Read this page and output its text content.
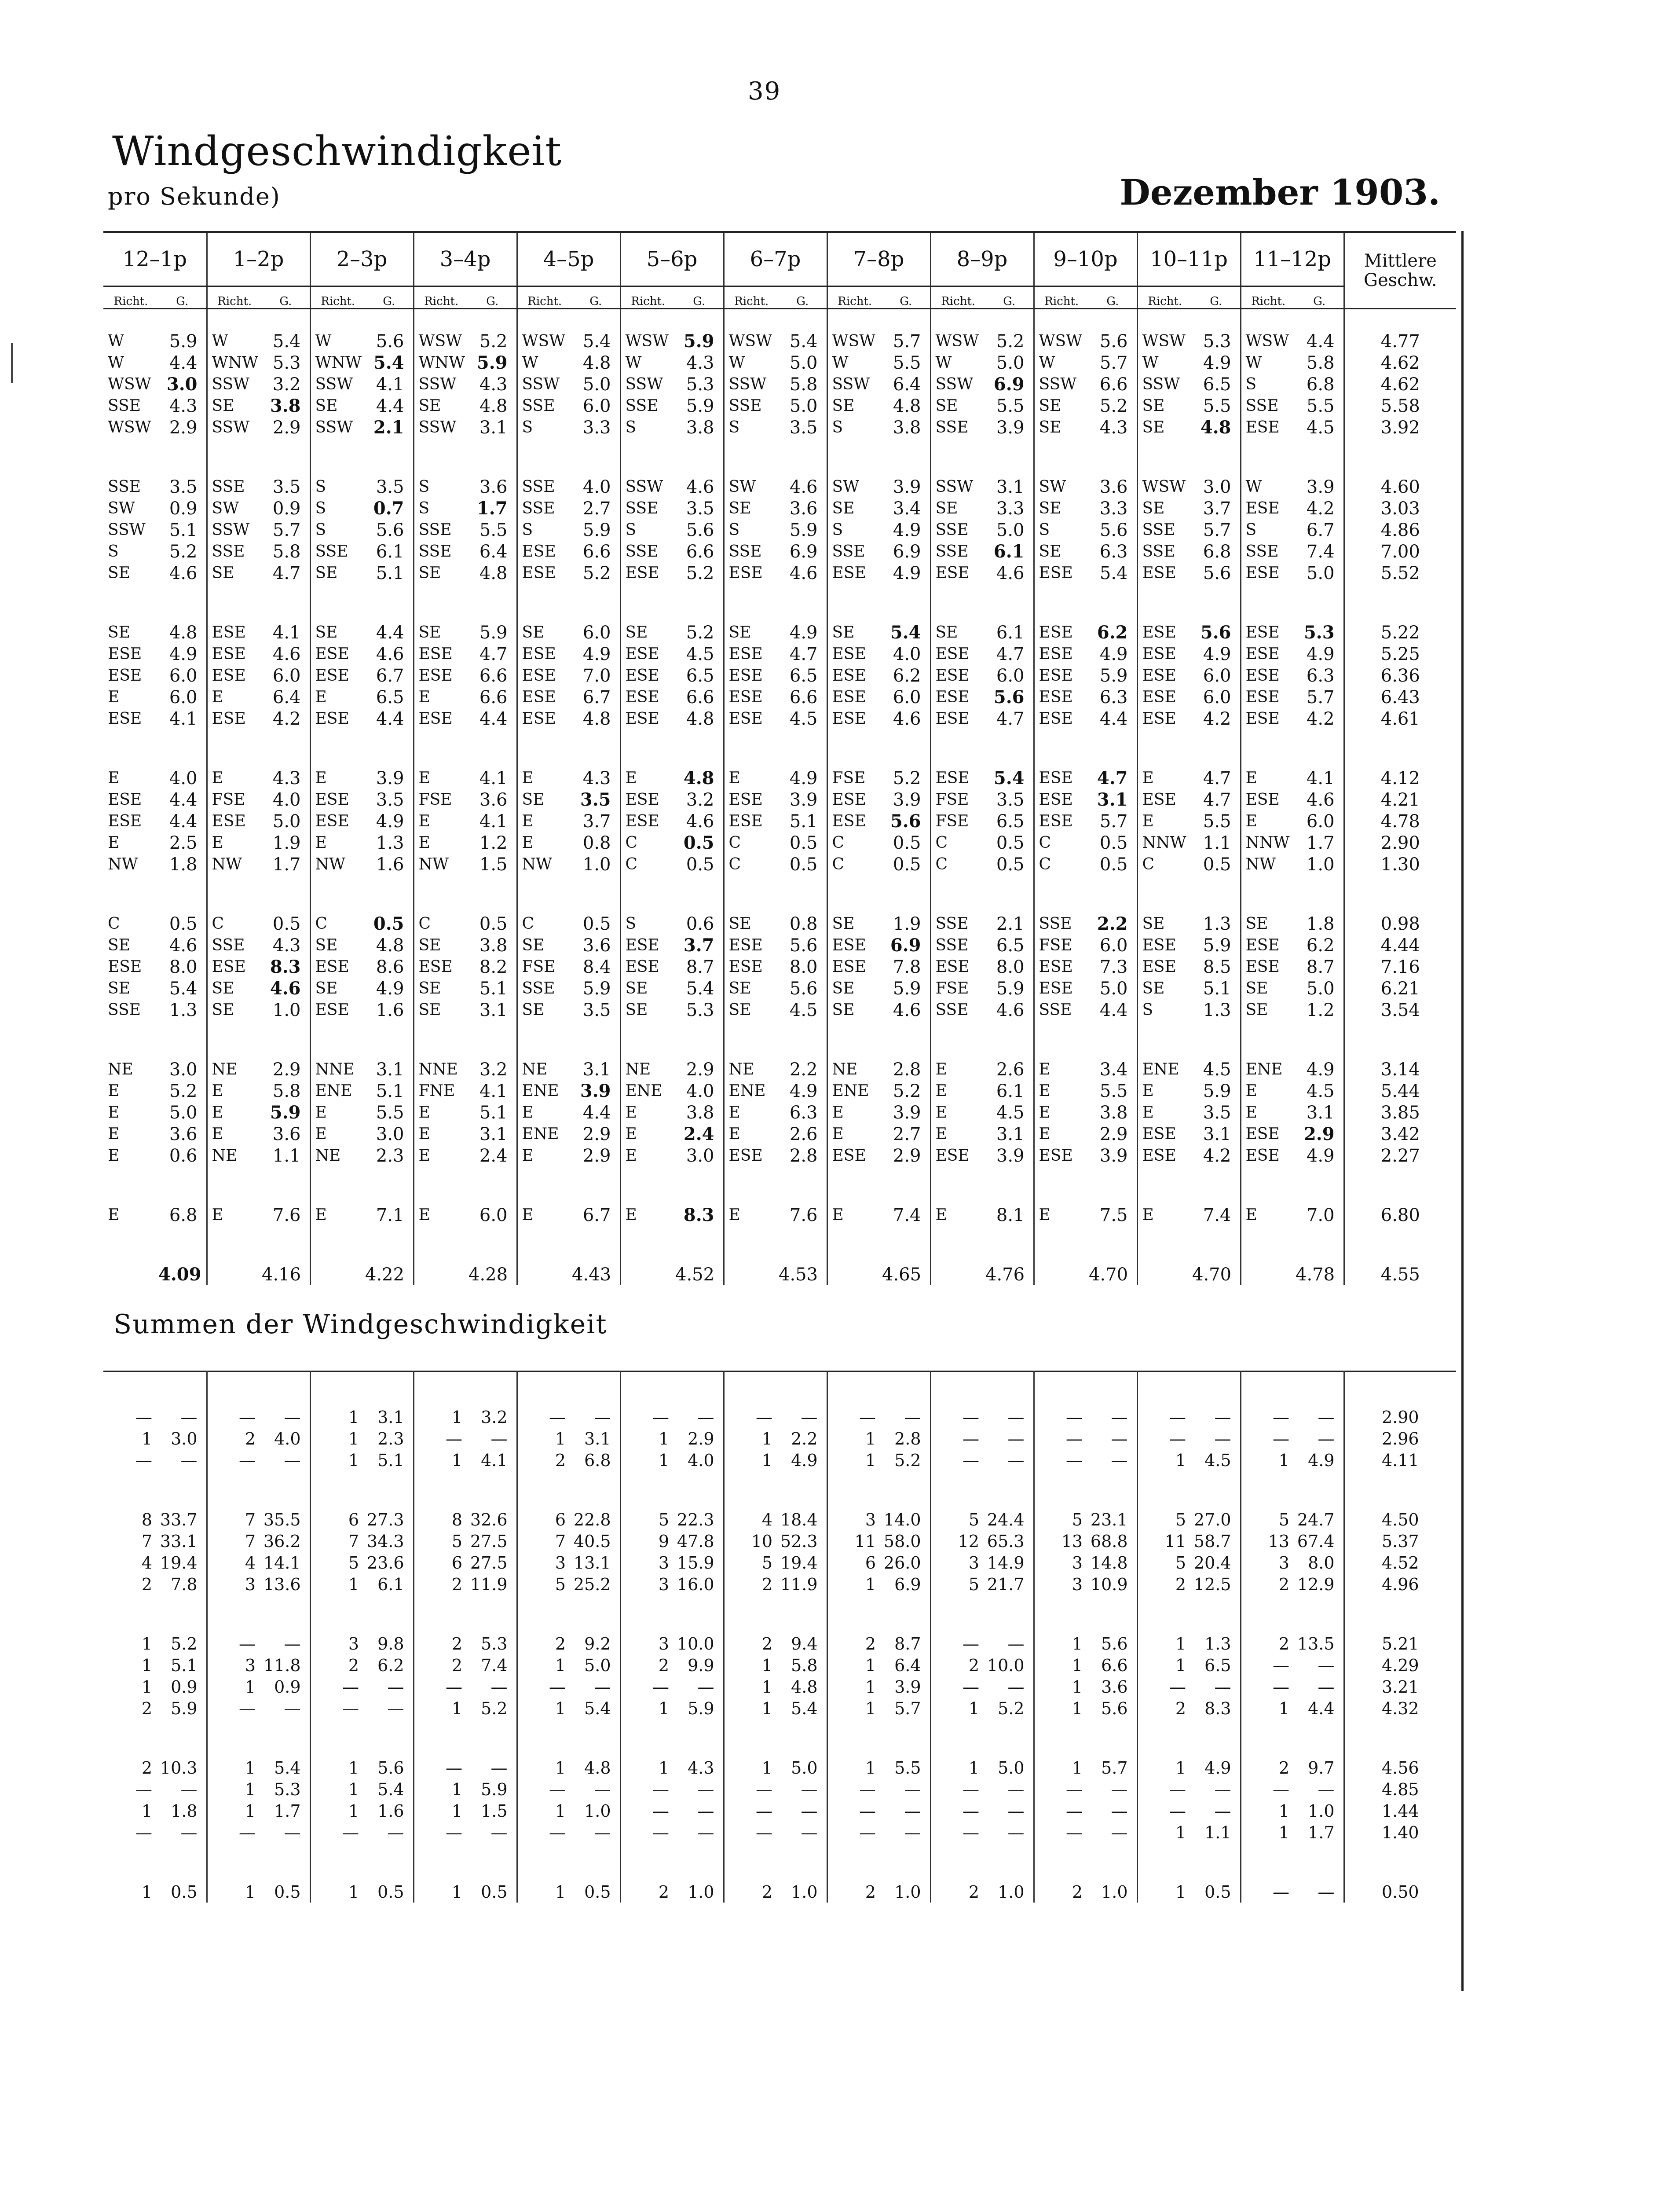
39
Windgeschwindigkeit
pro Sekunde)	Dezember 1903.
12–1p		1–2p		2–3p		3–4p		4–5p		5–6p		6–7p		7–8p		8–9p		9–10p		10–11p		11–12p		Mittlere Geschw.
Richt.	G.	Richt.	G.	Richt.	G.	Richt.	G.	Richt.	G.	Richt.	G.	Richt.	G.	Richt.	G.	Richt.	G.	Richt.	G.	Richt.	G.	Richt.	G.	

W	5.9	W	5.4	W	5.6	WSW	5.2	WSW	5.4	WSW	5.9	WSW	5.4	WSW	5.7	WSW	5.2	WSW	5.6	WSW	5.3	WSW	4.4	4.77
W	4.4	WNW	5.3	WNW	5.4	WNW	5.9	W	4.8	W	4.3	W	5.0	W	5.5	W	5.0	W	5.7	W	4.9	W	5.8	4.62
WSW	3.0	SSW	3.2	SSW	4.1	SSW	4.3	SSW	5.0	SSW	5.3	SSW	5.8	SSW	6.4	SSW	6.9	SSW	6.6	SSW	6.5	S	6.8	4.62
SSE	4.3	SE	3.8	SE	4.4	SE	4.8	SSE	6.0	SSE	5.9	SSE	5.0	SE	4.8	SE	5.5	SE	5.2	SE	5.5	SSE	5.5	5.58
WSW	2.9	SSW	2.9	SSW	2.1	SSW	3.1	S	3.3	S	3.8	S	3.5	S	3.8	SSE	3.9	SE	4.3	SE	4.8	ESE	4.5	3.92

SSE	3.5	SSE	3.5	S	3.5	S	3.6	SSE	4.0	SSW	4.6	SW	4.6	SW	3.9	SSW	3.1	SW	3.6	WSW	3.0	W	3.9	4.60
SW	0.9	SW	0.9	S	0.7	S	1.7	SSE	2.7	SSE	3.5	SE	3.6	SE	3.4	SE	3.3	SE	3.3	SE	3.7	ESE	4.2	3.03
SSW	5.1	SSW	5.7	S	5.6	SSE	5.5	S	5.9	S	5.6	S	5.9	S	4.9	SSE	5.0	S	5.6	SSE	5.7	S	6.7	4.86
S	5.2	SSE	5.8	SSE	6.1	SSE	6.4	ESE	6.6	SSE	6.6	SSE	6.9	SSE	6.9	SSE	6.1	SE	6.3	SSE	6.8	SSE	7.4	7.00
SE	4.6	SE	4.7	SE	5.1	SE	4.8	ESE	5.2	ESE	5.2	ESE	4.6	ESE	4.9	ESE	4.6	ESE	5.4	ESE	5.6	ESE	5.0	5.52

SE	4.8	ESE	4.1	SE	4.4	SE	5.9	SE	6.0	SE	5.2	SE	4.9	SE	5.4	SE	6.1	ESE	6.2	ESE	5.6	ESE	5.3	5.22
ESE	4.9	ESE	4.6	ESE	4.6	ESE	4.7	ESE	4.9	ESE	4.5	ESE	4.7	ESE	4.0	ESE	4.7	ESE	4.9	ESE	4.9	ESE	4.9	5.25
ESE	6.0	ESE	6.0	ESE	6.7	ESE	6.6	ESE	7.0	ESE	6.5	ESE	6.5	ESE	6.2	ESE	6.0	ESE	5.9	ESE	6.0	ESE	6.3	6.36
E	6.0	E	6.4	E	6.5	E	6.6	ESE	6.7	ESE	6.6	ESE	6.6	ESE	6.0	ESE	5.6	ESE	6.3	ESE	6.0	ESE	5.7	6.43
ESE	4.1	ESE	4.2	ESE	4.4	ESE	4.4	ESE	4.8	ESE	4.8	ESE	4.5	ESE	4.6	ESE	4.7	ESE	4.4	ESE	4.2	ESE	4.2	4.61

E	4.0	E	4.3	E	3.9	E	4.1	E	4.3	E	4.8	E	4.9	FSE	5.2	ESE	5.4	ESE	4.7	E	4.7	E	4.1	4.12
ESE	4.4	FSE	4.0	ESE	3.5	FSE	3.6	SE	3.5	ESE	3.2	ESE	3.9	ESE	3.9	FSE	3.5	ESE	3.1	ESE	4.7	ESE	4.6	4.21
ESE	4.4	ESE	5.0	ESE	4.9	E	4.1	E	3.7	ESE	4.6	ESE	5.1	ESE	5.6	FSE	6.5	ESE	5.7	E	5.5	E	6.0	4.78
E	2.5	E	1.9	E	1.3	E	1.2	E	0.8	C	0.5	C	0.5	C	0.5	C	0.5	C	0.5	NNW	1.1	NNW	1.7	2.90
NW	1.8	NW	1.7	NW	1.6	NW	1.5	NW	1.0	C	0.5	C	0.5	C	0.5	C	0.5	C	0.5	C	0.5	NW	1.0	1.30

C	0.5	C	0.5	C	0.5	C	0.5	C	0.5	S	0.6	SE	0.8	SE	1.9	SSE	2.1	SSE	2.2	SE	1.3	SE	1.8	0.98
SE	4.6	SSE	4.3	SE	4.8	SE	3.8	SE	3.6	ESE	3.7	ESE	5.6	ESE	6.9	SSE	6.5	FSE	6.0	ESE	5.9	ESE	6.2	4.44
ESE	8.0	ESE	8.3	ESE	8.6	ESE	8.2	FSE	8.4	ESE	8.7	ESE	8.0	ESE	7.8	ESE	8.0	ESE	7.3	ESE	8.5	ESE	8.7	7.16
SE	5.4	SE	4.6	SE	4.9	SE	5.1	SSE	5.9	SE	5.4	SE	5.6	SE	5.9	FSE	5.9	ESE	5.0	SE	5.1	SE	5.0	6.21
SSE	1.3	SE	1.0	ESE	1.6	SE	3.1	SE	3.5	SE	5.3	SE	4.5	SE	4.6	SSE	4.6	SSE	4.4	S	1.3	SE	1.2	3.54

NE	3.0	NE	2.9	NNE	3.1	NNE	3.2	NE	3.1	NE	2.9	NE	2.2	NE	2.8	E	2.6	E	3.4	ENE	4.5	ENE	4.9	3.14
E	5.2	E	5.8	ENE	5.1	FNE	4.1	ENE	3.9	ENE	4.0	ENE	4.9	ENE	5.2	E	6.1	E	5.5	E	5.9	E	4.5	5.44
E	5.0	E	5.9	E	5.5	E	5.1	E	4.4	E	3.8	E	6.3	E	3.9	E	4.5	E	3.8	E	3.5	E	3.1	3.85
E	3.6	E	3.6	E	3.0	E	3.1	ENE	2.9	E	2.4	E	2.6	E	2.7	E	3.1	E	2.9	ESE	3.1	ESE	2.9	3.42
E	0.6	NE	1.1	NE	2.3	E	2.4	E	2.9	E	3.0	ESE	2.8	ESE	2.9	ESE	3.9	ESE	3.9	ESE	4.2	ESE	4.9	2.27

E	6.8	E	7.6	E	7.1	E	6.0	E	6.7	E	8.3	E	7.6	E	7.4	E	8.1	E	7.5	E	7.4	E	7.0	6.80

	4.09		4.16		4.22		4.28		4.43		4.52		4.53		4.65		4.76		4.70		4.70		4.78	4.55
Summen der Windgeschwindigkeit

—	—	—	—	1	3.1	1	3.2	—	—	—	—	—	—	—	—	—	—	—	—	—	—	—	—	2.90
1	3.0	2	4.0	1	2.3	—	—	1	3.1	1	2.9	1	2.2	1	2.8	—	—	—	—	—	—	—	—	2.96
—	—	—	—	1	5.1	1	4.1	2	6.8	1	4.0	1	4.9	1	5.2	—	—	—	—	1	4.5	1	4.9	4.11

8	33.7	7	35.5	6	27.3	8	32.6	6	22.8	5	22.3	4	18.4	3	14.0	5	24.4	5	23.1	5	27.0	5	24.7	4.50
7	33.1	7	36.2	7	34.3	5	27.5	7	40.5	9	47.8	10	52.3	11	58.0	12	65.3	13	68.8	11	58.7	13	67.4	5.37
4	19.4	4	14.1	5	23.6	6	27.5	3	13.1	3	15.9	5	19.4	6	26.0	3	14.9	3	14.8	5	20.4	3	8.0	4.52
2	7.8	3	13.6	1	6.1	2	11.9	5	25.2	3	16.0	2	11.9	1	6.9	5	21.7	3	10.9	2	12.5	2	12.9	4.96

1	5.2	—	—	3	9.8	2	5.3	2	9.2	3	10.0	2	9.4	2	8.7	—	—	1	5.6	1	1.3	2	13.5	5.21
1	5.1	3	11.8	2	6.2	2	7.4	1	5.0	2	9.9	1	5.8	1	6.4	2	10.0	1	6.6	1	6.5	—	—	4.29
1	0.9	1	0.9	—	—	—	—	—	—	—	—	1	4.8	1	3.9	—	—	1	3.6	—	—	—	—	3.21
2	5.9	—	—	—	—	1	5.2	1	5.4	1	5.9	1	5.4	1	5.7	1	5.2	1	5.6	2	8.3	1	4.4	4.32

2	10.3	1	5.4	1	5.6	—	—	1	4.8	1	4.3	1	5.0	1	5.5	1	5.0	1	5.7	1	4.9	2	9.7	4.56
—	—	1	5.3	1	5.4	1	5.9	—	—	—	—	—	—	—	—	—	—	—	—	—	—	—	—	4.85
1	1.8	1	1.7	1	1.6	1	1.5	1	1.0	—	—	—	—	—	—	—	—	—	—	—	—	1	1.0	1.44
—	—	—	—	—	—	—	—	—	—	—	—	—	—	—	—	—	—	—	—	1	1.1	1	1.7	1.40

1	0.5	1	0.5	1	0.5	1	0.5	1	0.5	2	1.0	2	1.0	2	1.0	2	1.0	2	1.0	1	0.5	—	—	0.50
